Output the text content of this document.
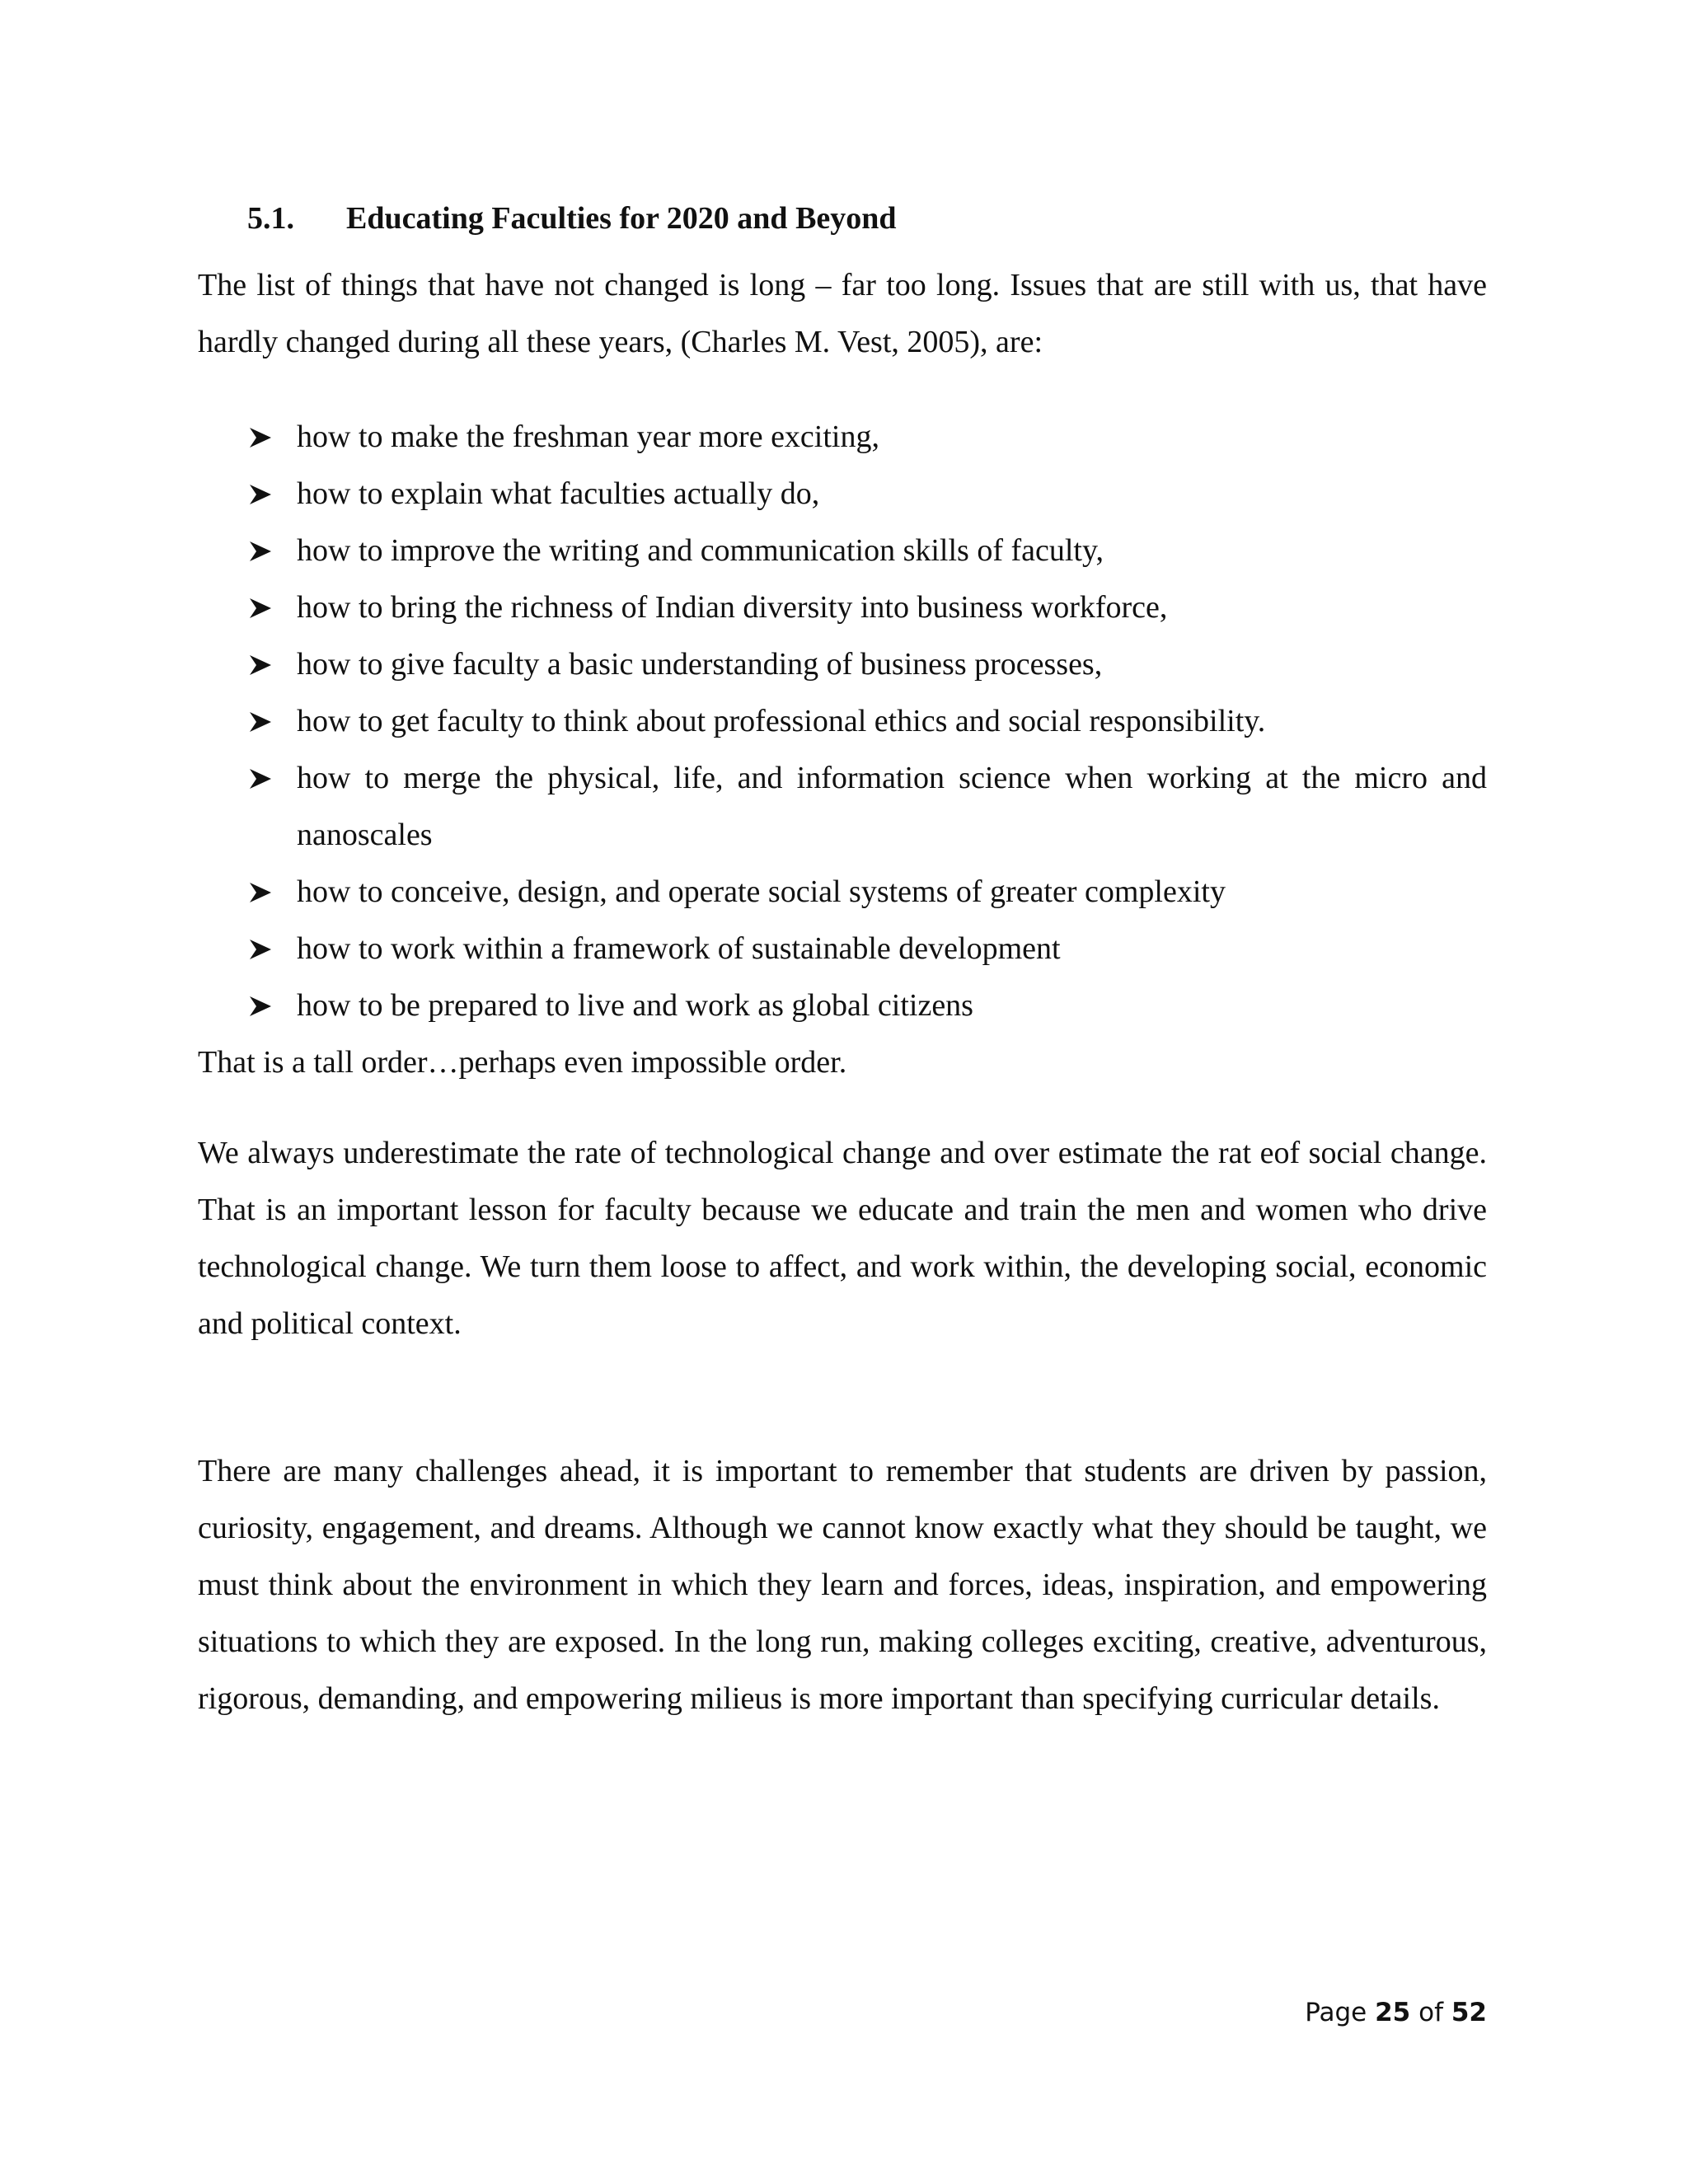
5.1.	Educating Faculties for 2020 and Beyond

The list of things that have not changed is long – far too long. Issues that are still with us, that have hardly changed during all these years, (Charles M. Vest, 2005), are:

how to make the freshman year more exciting,
how to explain what faculties actually do,
how to improve the writing and communication skills of faculty,
how to bring the richness of Indian diversity into business workforce,
how to give faculty a basic understanding of business processes,
how to get faculty to think about professional ethics and social responsibility.
how to merge the physical, life, and information science when working at the micro and nanoscales
how to conceive, design, and operate social systems of greater complexity
how to work within a framework of sustainable development
how to be prepared to live and work as global citizens

That is a tall order…perhaps even impossible order.

We always underestimate the rate of technological change and over estimate the rat eof social change. That is an important lesson for faculty because we educate and train the men and women who drive technological change. We turn them loose to affect, and work within, the developing social, economic and political context.

There are many challenges ahead, it is important to remember that students are driven by passion, curiosity, engagement, and dreams. Although we cannot know exactly what they should be taught, we must think about the environment in which they learn and forces, ideas, inspiration, and empowering situations to which they are exposed. In the long run, making colleges exciting, creative, adventurous, rigorous, demanding, and empowering milieus is more important than specifying curricular details.

Page 25 of 52
